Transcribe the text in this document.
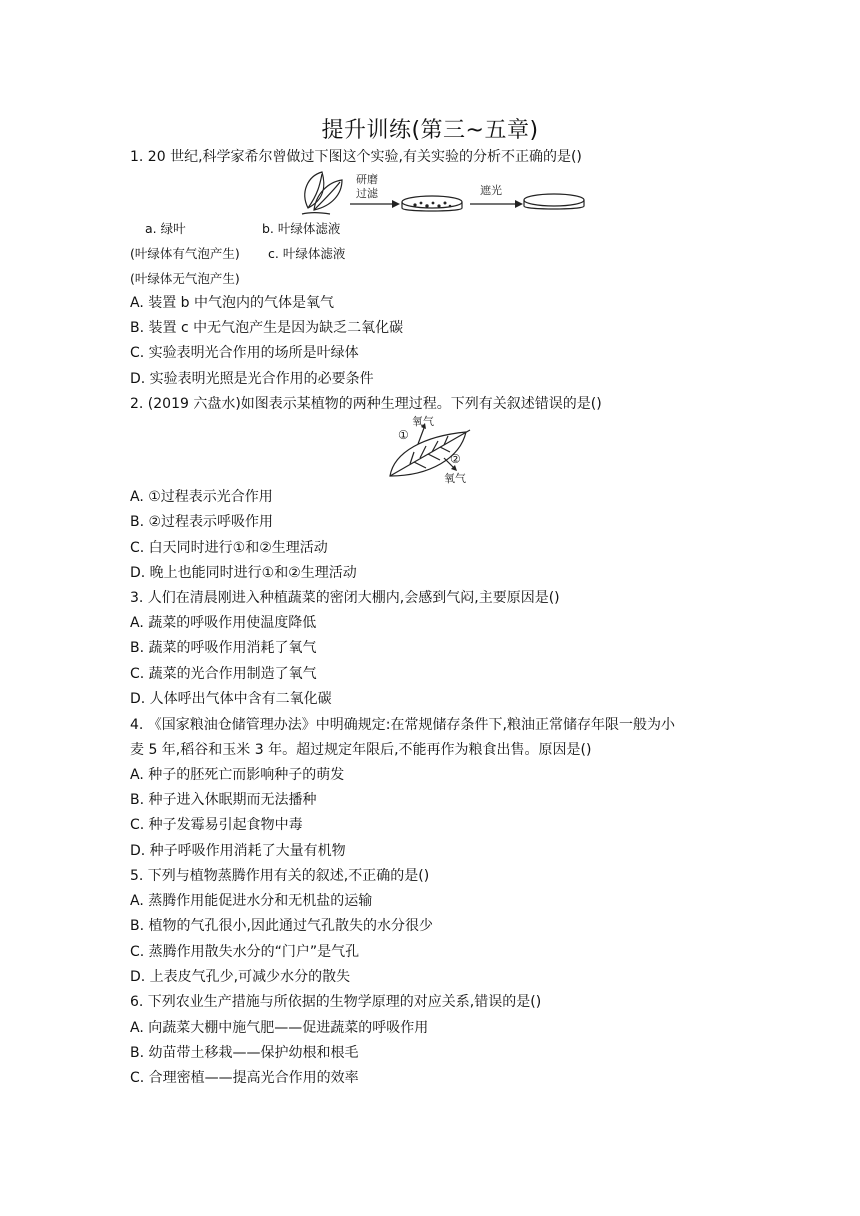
提升训练(第三~五章)
1. 20 世纪,科学家希尔曾做过下图这个实验,有关实验的分析不正确的是()
研磨
过滤	遮光
a. 绿叶	b. 叶绿体滤液
(叶绿体有气泡产生) c. 叶绿体滤液
(叶绿体无气泡产生)
A. 装置 b 中气泡内的气体是氧气
B. 装置 c 中无气泡产生是因为缺乏二氧化碳
C. 实验表明光合作用的场所是叶绿体
D. 实验表明光照是光合作用的必要条件
2. (2019 六盘水)如图表示某植物的两种生理过程。下列有关叙述错误的是()
氧气
①
②
氧气
A. ①过程表示光合作用
B. ②过程表示呼吸作用
C. 白天同时进行①和②生理活动
D. 晚上也能同时进行①和②生理活动
3. 人们在清晨刚进入种植蔬菜的密闭大棚内,会感到气闷,主要原因是()
A. 蔬菜的呼吸作用使温度降低
B. 蔬菜的呼吸作用消耗了氧气
C. 蔬菜的光合作用制造了氧气
D. 人体呼出气体中含有二氧化碳
4. 《国家粮油仓储管理办法》中明确规定:在常规储存条件下,粮油正常储存年限一般为小
麦 5 年,稻谷和玉米 3 年。超过规定年限后,不能再作为粮食出售。原因是()
A. 种子的胚死亡而影响种子的萌发
B. 种子进入休眠期而无法播种
C. 种子发霉易引起食物中毒
D. 种子呼吸作用消耗了大量有机物
5. 下列与植物蒸腾作用有关的叙述,不正确的是()
A. 蒸腾作用能促进水分和无机盐的运输
B. 植物的气孔很小,因此通过气孔散失的水分很少
C. 蒸腾作用散失水分的“门户”是气孔
D. 上表皮气孔少,可减少水分的散失
6. 下列农业生产措施与所依据的生物学原理的对应关系,错误的是()
A. 向蔬菜大棚中施气肥——促进蔬菜的呼吸作用
B. 幼苗带土移栽——保护幼根和根毛
C. 合理密植——提高光合作用的效率
